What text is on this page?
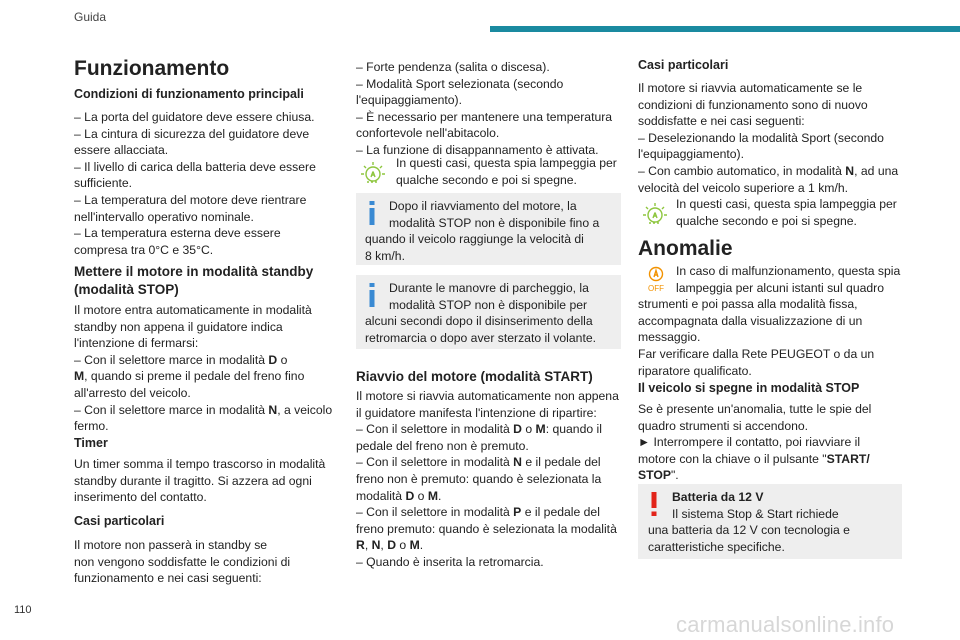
Guida
Funzionamento
Condizioni di funzionamento principali
– La porta del guidatore deve essere chiusa.
– La cintura di sicurezza del guidatore deve
essere allacciata.
– Il livello di carica della batteria deve essere
sufficiente.
– La temperatura del motore deve rientrare
nell'intervallo operativo nominale.
– La temperatura esterna deve essere
compresa tra 0°C e 35°C.
Mettere il motore in modalità standby
(modalità STOP)
Il motore entra automaticamente in modalità
standby non appena il guidatore indica
l'intenzione di fermarsi:
– Con il selettore marce in modalità D o
M, quando si preme il pedale del freno fino
all'arresto del veicolo.
– Con il selettore marce in modalità N, a veicolo
fermo.
Timer
Un timer somma il tempo trascorso in modalità
standby durante il tragitto. Si azzera ad ogni
inserimento del contatto.
Casi particolari
Il motore non passerà in standby se
non vengono soddisfatte le condizioni di
funzionamento e nei casi seguenti:
– Forte pendenza (salita o discesa).
– Modalità Sport selezionata (secondo
l'equipaggiamento).
– È necessario per mantenere una temperatura
confortevole nell'abitacolo.
– La funzione di disappannamento è attivata.
In questi casi, questa spia lampeggia per
qualche secondo e poi si spegne.
Dopo il riavviamento del motore, la
modalità STOP non è disponibile fino a
quando il veicolo raggiunge la velocità di
8 km/h.
Durante le manovre di parcheggio, la
modalità STOP non è disponibile per
alcuni secondi dopo il disinserimento della
retromarcia o dopo aver sterzato il volante.
Riavvio del motore (modalità START)
Il motore si riavvia automaticamente non appena
il guidatore manifesta l'intenzione di ripartire:
– Con il selettore in modalità D o M: quando il
pedale del freno non è premuto.
– Con il selettore in modalità N e il pedale del
freno non è premuto: quando è selezionata la
modalità D o M.
– Con il selettore in modalità P e il pedale del
freno premuto: quando è selezionata la modalità
R, N, D o M.
– Quando è inserita la retromarcia.
Casi particolari
Il motore si riavvia automaticamente se le
condizioni di funzionamento sono di nuovo
soddisfatte e nei casi seguenti:
– Deselezionando la modalità Sport (secondo
l'equipaggiamento).
– Con cambio automatico, in modalità N, ad una
velocità del veicolo superiore a 1 km/h.
In questi casi, questa spia lampeggia per
qualche secondo e poi si spegne.
Anomalie
OFF
In caso di malfunzionamento, questa spia
lampeggia per alcuni istanti sul quadro
strumenti e poi passa alla modalità fissa,
accompagnata dalla visualizzazione di un
messaggio.
Far verificare dalla Rete PEUGEOT o da un
riparatore qualificato.
Il veicolo si spegne in modalità STOP
Se è presente un'anomalia, tutte le spie del
quadro strumenti si accendono.
► Interrompere il contatto, poi riavviare il
motore con la chiave o il pulsante "START/
STOP".
Batteria da 12 V
Il sistema Stop & Start richiede
una batteria da 12 V con tecnologia e
caratteristiche specifiche.
110
carmanualsonline.info
